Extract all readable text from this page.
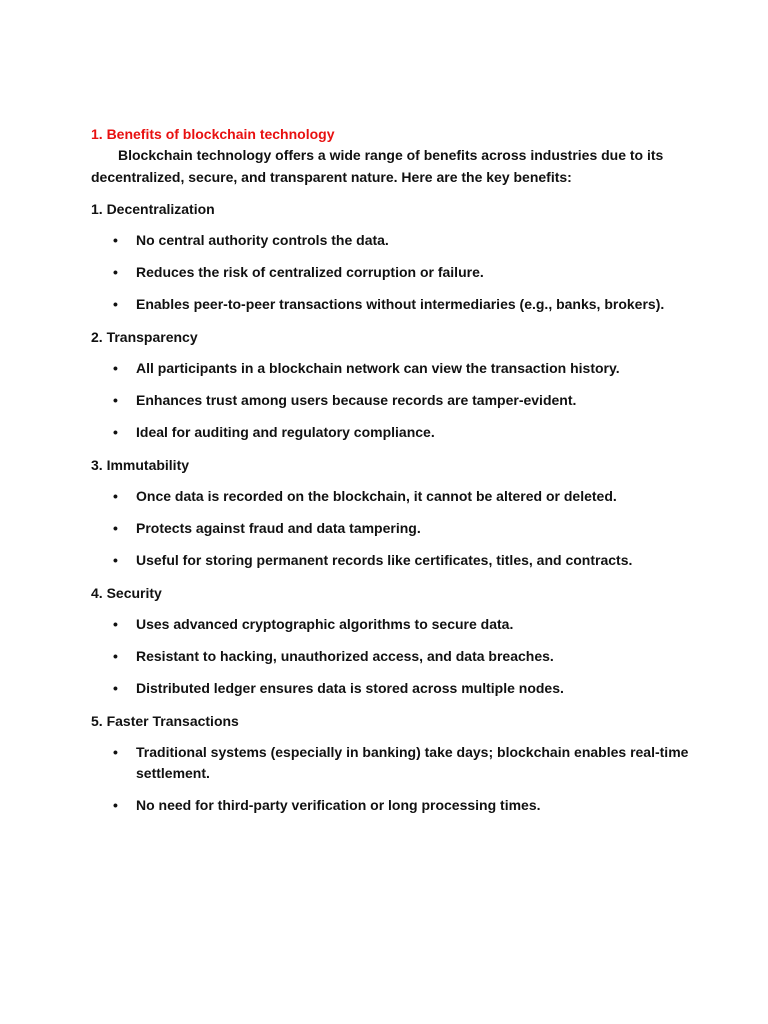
1. Benefits of blockchain technology

Blockchain technology offers a wide range of benefits across industries due to its decentralized, secure, and transparent nature. Here are the key benefits:

1. Decentralization

• No central authority controls the data.
• Reduces the risk of centralized corruption or failure.
• Enables peer-to-peer transactions without intermediaries (e.g., banks, brokers).

2. Transparency

• All participants in a blockchain network can view the transaction history.
• Enhances trust among users because records are tamper-evident.
• Ideal for auditing and regulatory compliance.

3. Immutability

• Once data is recorded on the blockchain, it cannot be altered or deleted.
• Protects against fraud and data tampering.
• Useful for storing permanent records like certificates, titles, and contracts.

4. Security

• Uses advanced cryptographic algorithms to secure data.
• Resistant to hacking, unauthorized access, and data breaches.
• Distributed ledger ensures data is stored across multiple nodes.

5. Faster Transactions

• Traditional systems (especially in banking) take days; blockchain enables real-time settlement.
• No need for third-party verification or long processing times.
